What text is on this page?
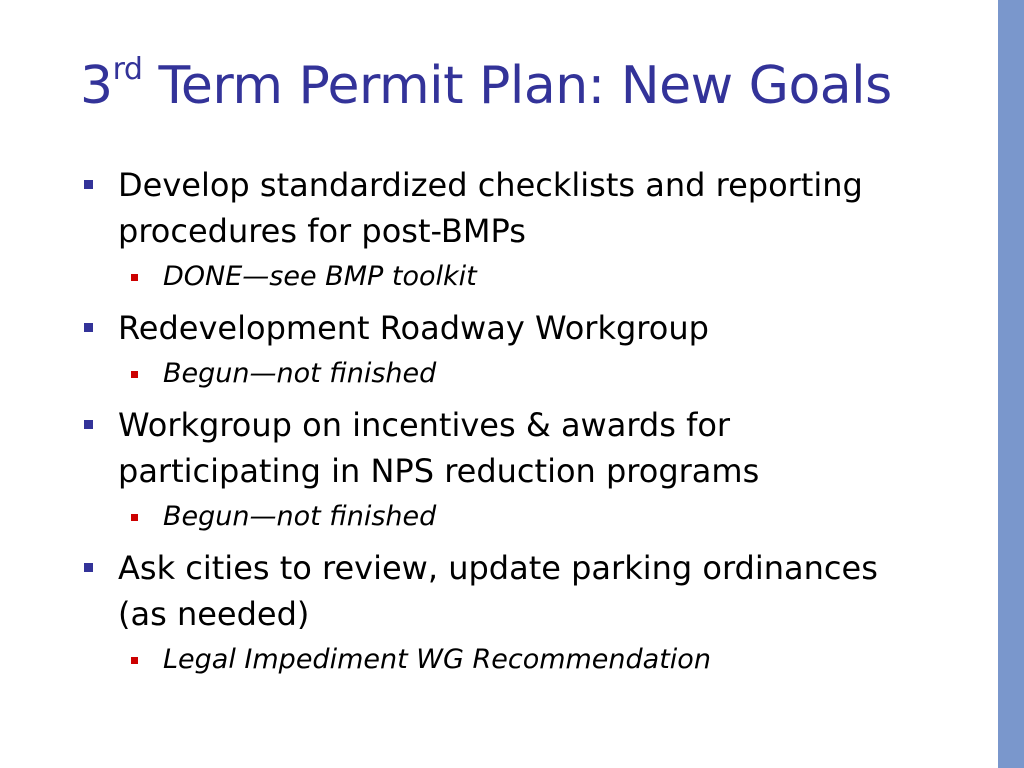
3rd Term Permit Plan: New Goals
Develop standardized checklists and reporting
procedures for post-BMPs
DONE—see BMP toolkit
Redevelopment Roadway Workgroup
Begun—not finished
Workgroup on incentives & awards for
participating in NPS reduction programs
Begun—not finished
Ask cities to review, update parking ordinances
(as needed)
Legal Impediment WG Recommendation
